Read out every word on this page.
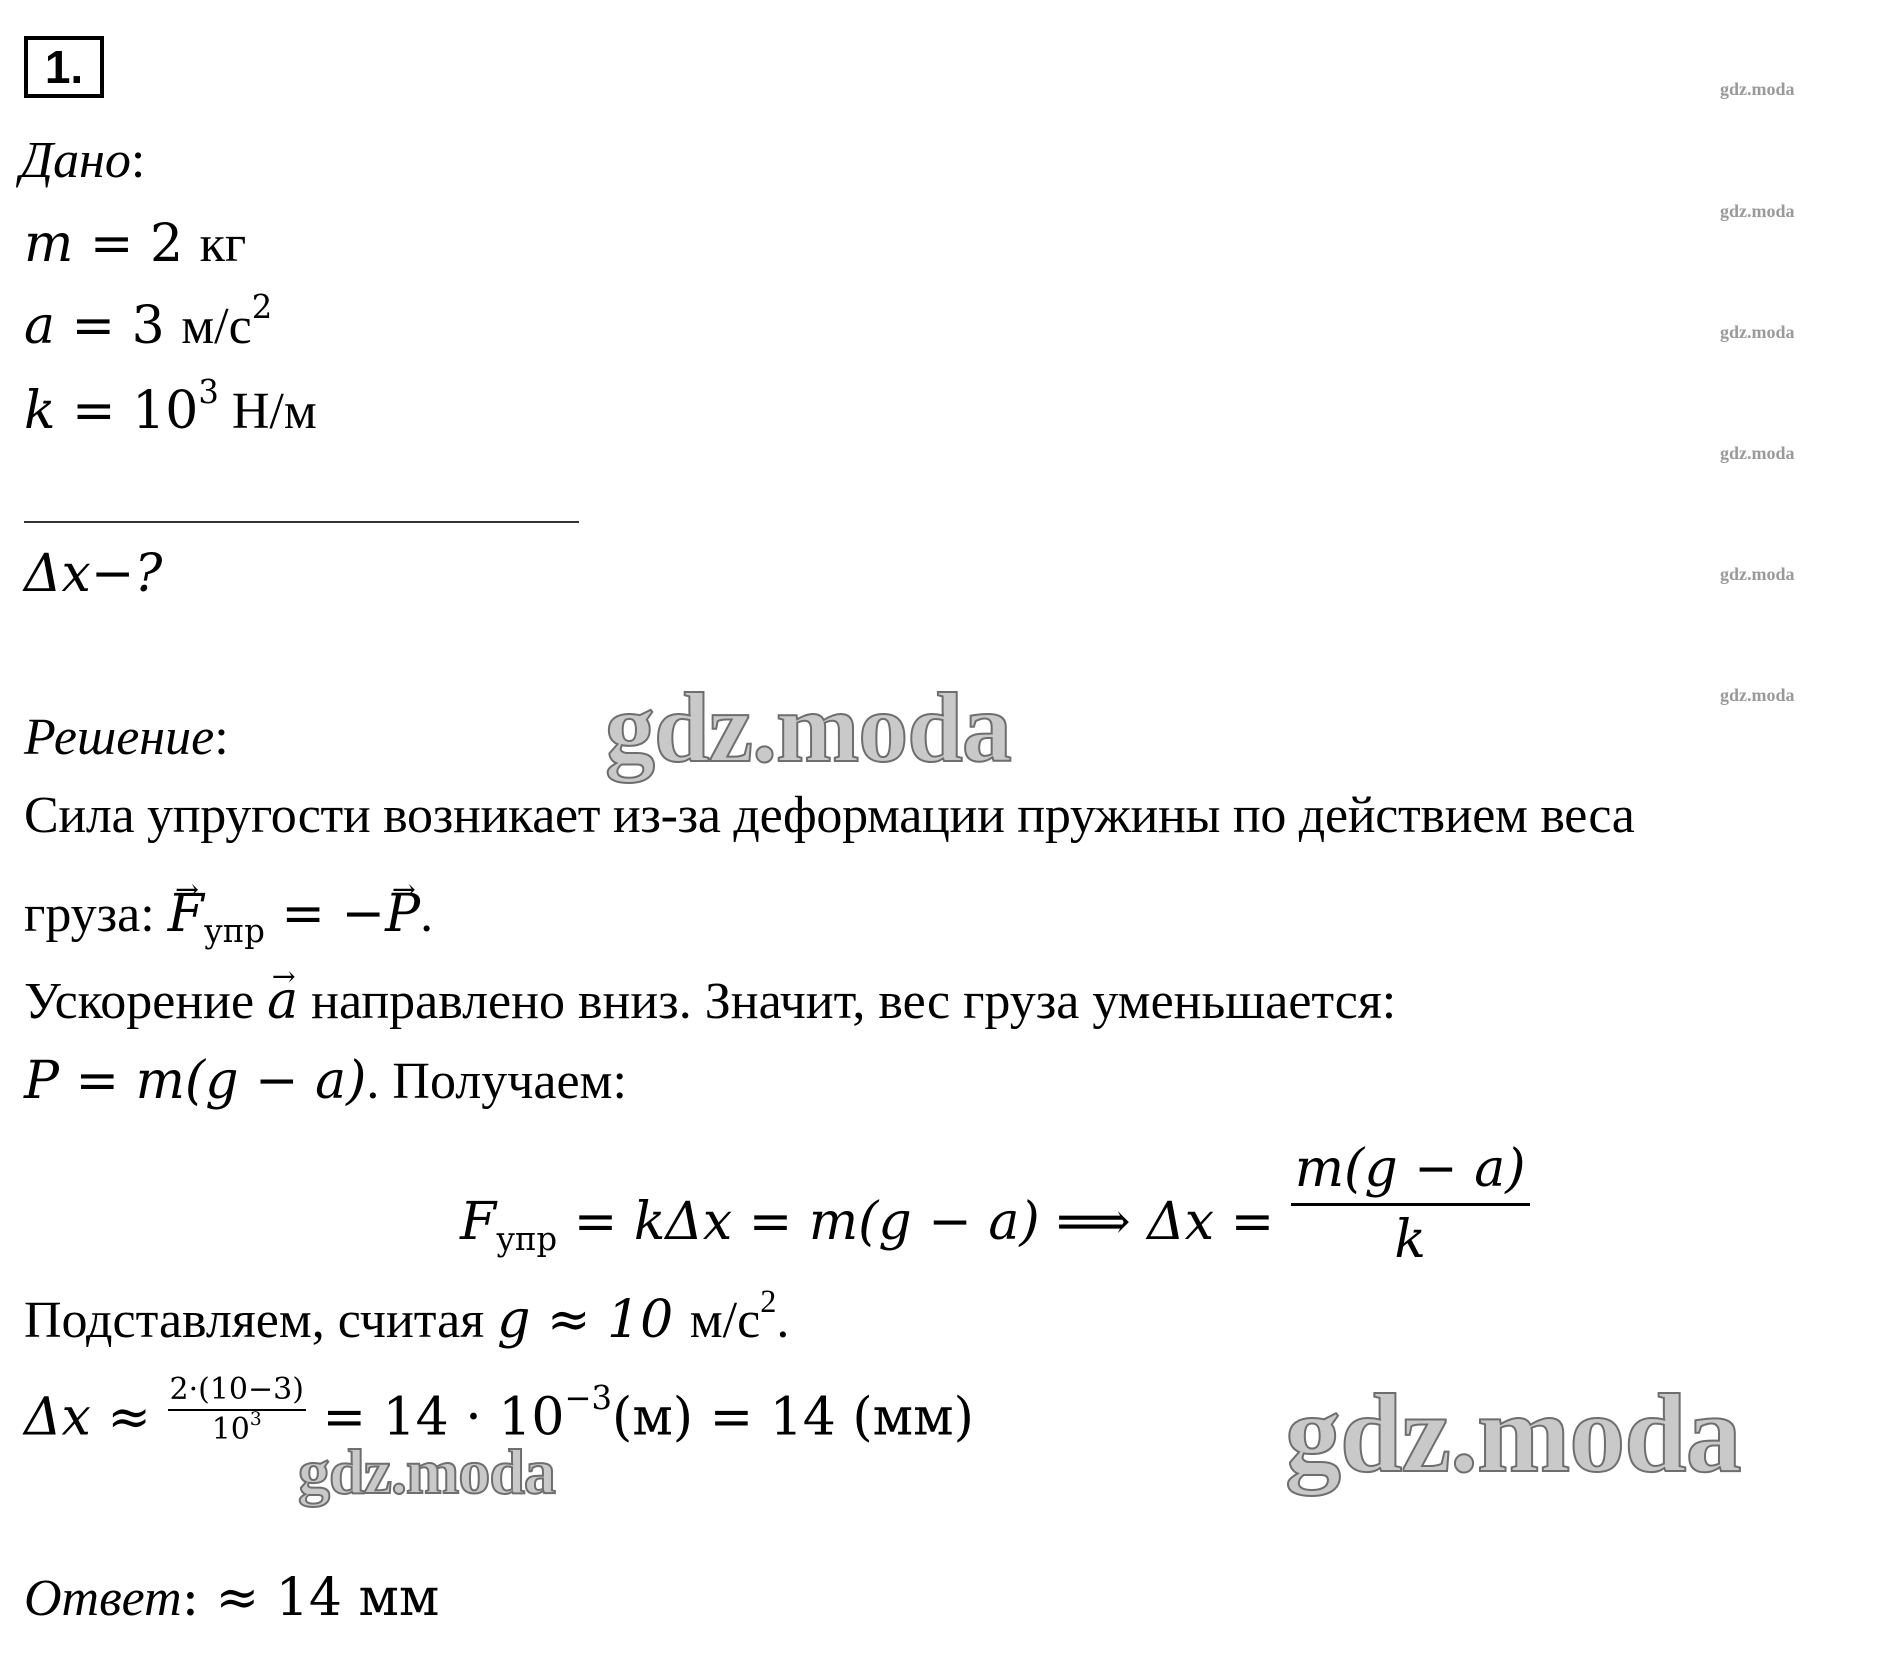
1.
Дано:
m = 2 кг
a = 3 $м/с^2$
$k = 10^3$ Н/м
Δx−?
Решение:
Сила упругости возникает из-за деформации пружины по действием веса
груза: → $F_{упр}$ = −→ P.
Ускорение → a направлено вниз. Значит, вес груза уменьшается:
P = m(g − a). Получаем:
$F_{упр} = k\Delta x = m(g - a)$ ⟹ $\Delta x = \frac{m(g - a)}{k}$
Подставляем, считая g ≈ 10 $м/с^2$.
$\Delta x \approx \frac{2\cdot(10-3)}{10^3} = 14 \cdot 10^{-3}(м) = 14$ (мм)
Ответ: ≈ 14 мм
gdz.moda
gdz.moda
gdz.moda
gdz.moda
gdz.moda
gdz.moda
gdz.moda
gdz.moda
gdz.moda
